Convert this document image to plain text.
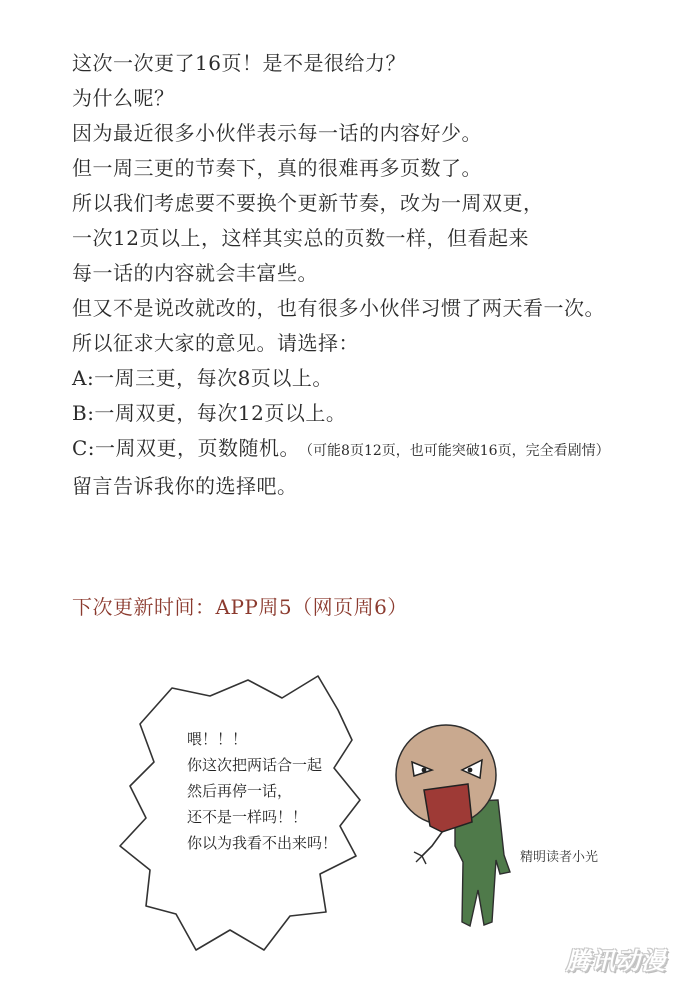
这次一次更了16页！是不是很给力？
为什么呢？
因为最近很多小伙伴表示每一话的内容好少。
但一周三更的节奏下，真的很难再多页数了。
所以我们考虑要不要换个更新节奏，改为一周双更，
一次12页以上，这样其实总的页数一样，但看起来
每一话的内容就会丰富些。
但又不是说改就改的，也有很多小伙伴习惯了两天看一次。
所以征求大家的意见。请选择：
A:一周三更，每次8页以上。
B:一周双更，每次12页以上。
C:一周双更，页数随机。 （可能8页12页，也可能突破16页，完全看剧情）
留言告诉我你的选择吧。
下次更新时间：APP周5（网页周6）
喂！！！
你这次把两话合一起
然后再停一话，
还不是一样吗！！
你以为我看不出来吗！
精明读者小光
腾讯动漫
